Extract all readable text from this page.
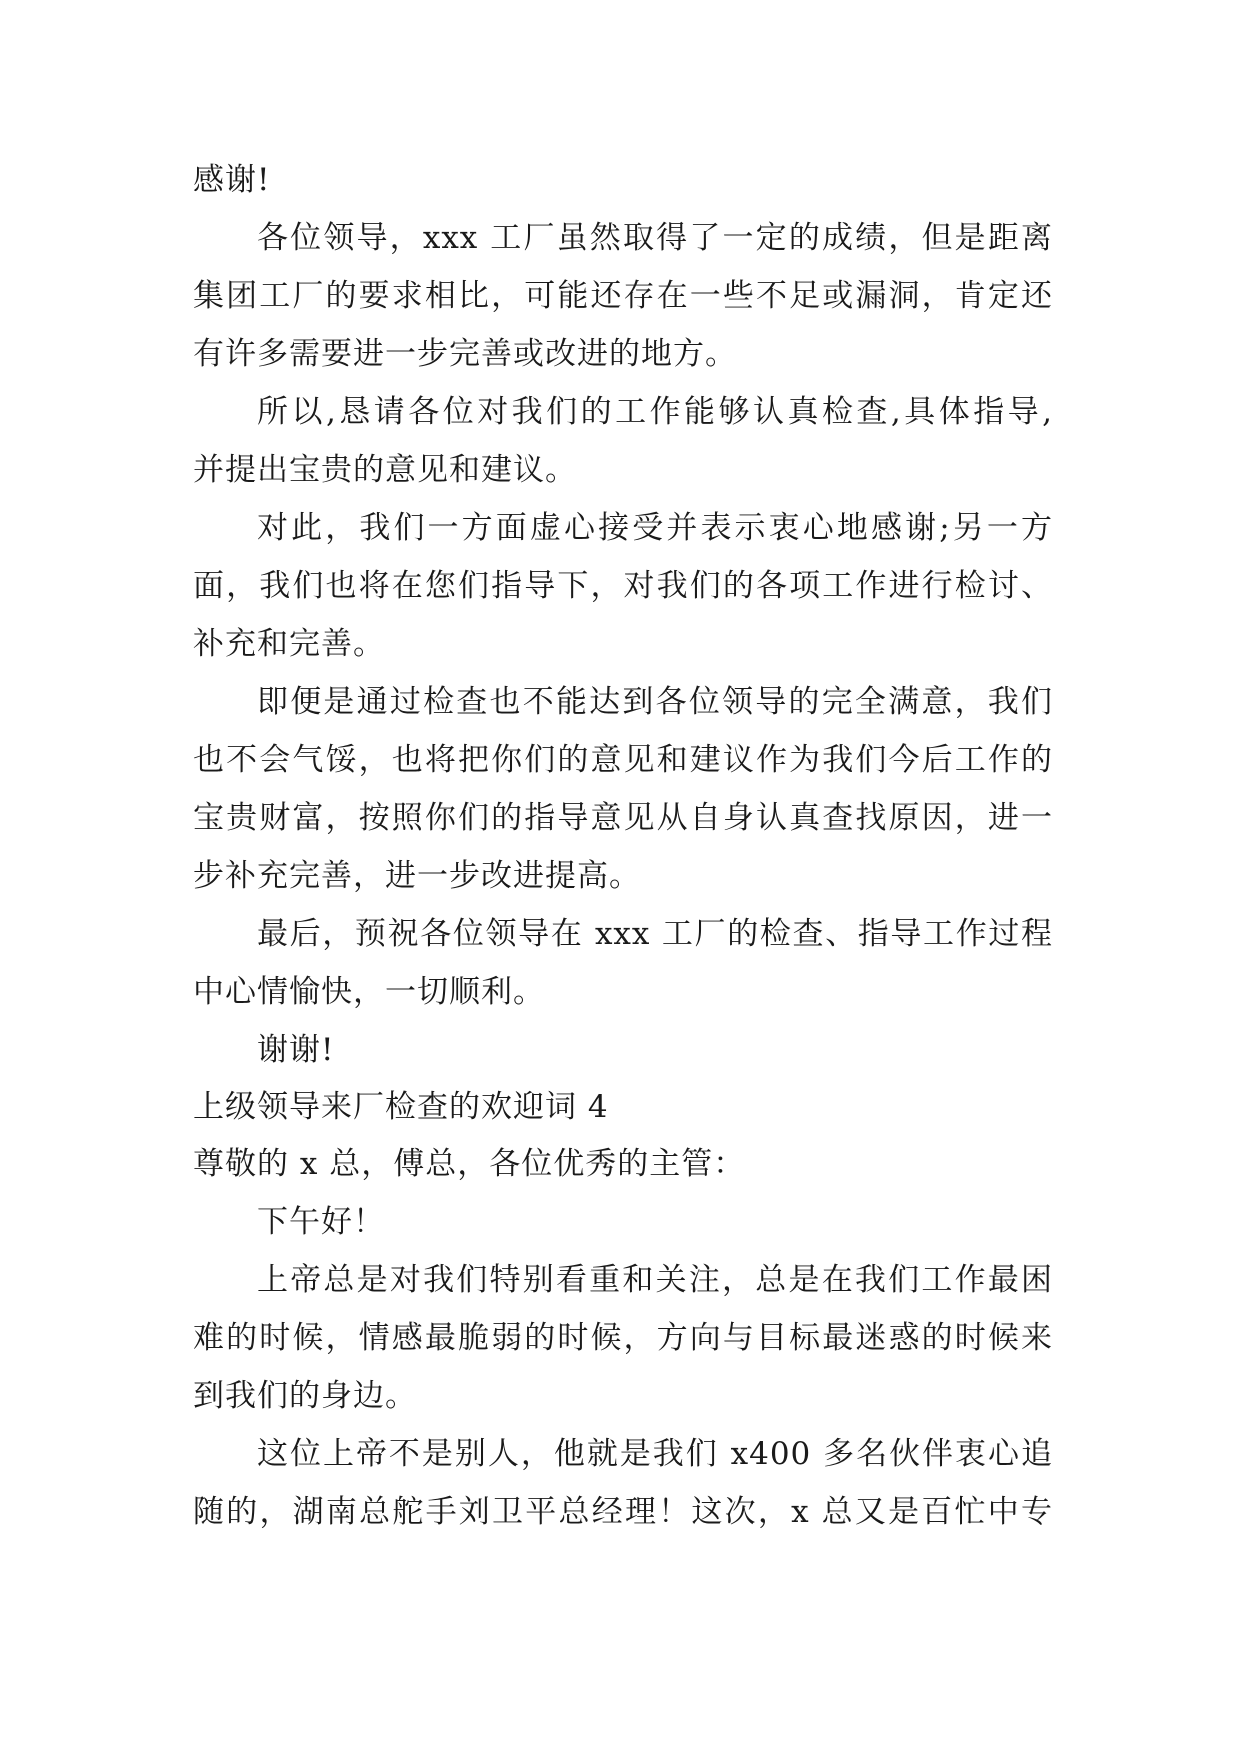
感谢!
各位领导，xxx 工厂虽然取得了一定的成绩，但是距离
集团工厂的要求相比，可能还存在一些不足或漏洞，肯定还
有许多需要进一步完善或改进的地方。
所以,恳请各位对我们的工作能够认真检查,具体指导,
并提出宝贵的意见和建议。
对此，我们一方面虚心接受并表示衷心地感谢;另一方
面，我们也将在您们指导下，对我们的各项工作进行检讨、
补充和完善。
即便是通过检查也不能达到各位领导的完全满意，我们
也不会气馁，也将把你们的意见和建议作为我们今后工作的
宝贵财富，按照你们的指导意见从自身认真查找原因，进一
步补充完善，进一步改进提高。
最后，预祝各位领导在 xxx 工厂的检查、指导工作过程
中心情愉快，一切顺利。
谢谢!
上级领导来厂检查的欢迎词 4
尊敬的 x 总，傅总，各位优秀的主管：
下午好！
上帝总是对我们特别看重和关注，总是在我们工作最困
难的时候，情感最脆弱的时候，方向与目标最迷惑的时候来
到我们的身边。
这位上帝不是别人，他就是我们 x400 多名伙伴衷心追
随的，湖南总舵手刘卫平总经理！这次，x 总又是百忙中专
